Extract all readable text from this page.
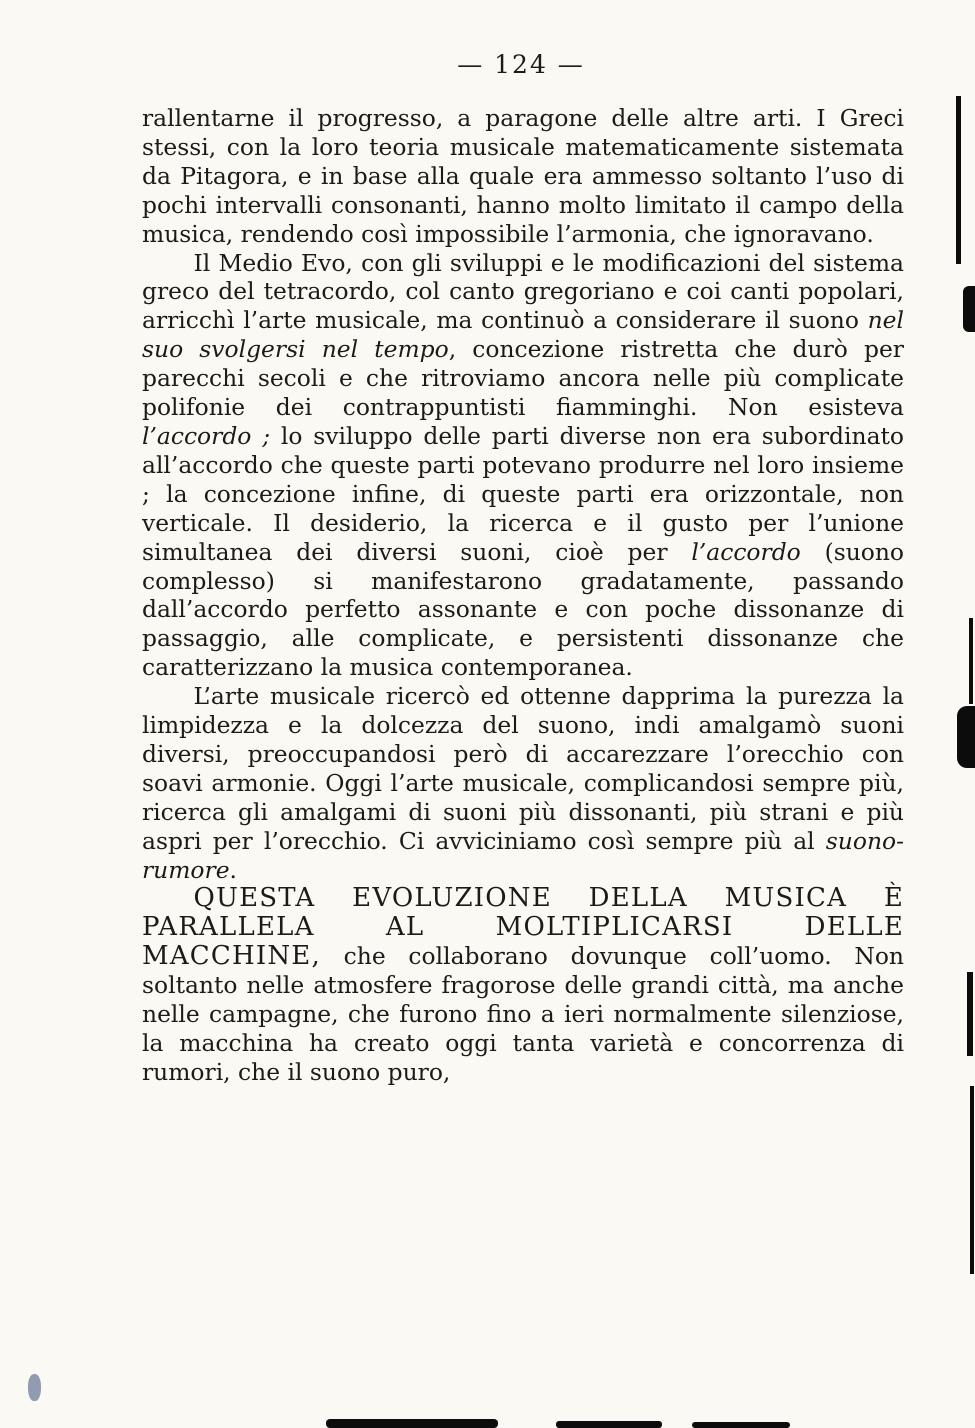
— 124 —

rallentarne il progresso, a paragone delle altre arti. I Greci stessi, con la loro teoria musicale matematicamente sistemata da Pitagora, e in base alla quale era ammesso soltanto l’uso di pochi intervalli consonanti, hanno molto limitato il campo della musica, rendendo così impossibile l’armonia, che ignoravano.

Il Medio Evo, con gli sviluppi e le modificazioni del sistema greco del tetracordo, col canto gregoriano e coi canti popolari, arricchì l’arte musicale, ma continuò a considerare il suono nel suo svolgersi nel tempo, concezione ristretta che durò per parecchi secoli e che ritroviamo ancora nelle più complicate polifonie dei contrappuntisti fiamminghi. Non esisteva l’accordo ; lo sviluppo delle parti diverse non era subordinato all’accordo che queste parti potevano produrre nel loro insieme ; la concezione infine, di queste parti era orizzontale, non verticale. Il desiderio, la ricerca e il gusto per l’unione simultanea dei diversi suoni, cioè per l’accordo (suono complesso) si manifestarono gradatamente, passando dall’accordo perfetto assonante e con poche dissonanze di passaggio, alle complicate, e persistenti dissonanze che caratterizzano la musica contemporanea.

L’arte musicale ricercò ed ottenne dapprima la purezza la limpidezza e la dolcezza del suono, indi amalgamò suoni diversi, preoccupandosi però di accarezzare l’orecchio con soavi armonie. Oggi l’arte musicale, complicandosi sempre più, ricerca gli amalgami di suoni più dissonanti, più strani e più aspri per l’orecchio. Ci avviciniamo così sempre più al suono-rumore.

QUESTA EVOLUZIONE DELLA MUSICA È PARALLELA AL MOLTIPLICARSI DELLE MACCHINE, che collaborano dovunque coll’uomo. Non soltanto nelle atmosfere fragorose delle grandi città, ma anche nelle campagne, che furono fino a ieri normalmente silenziose, la macchina ha creato oggi tanta varietà e concorrenza di rumori, che il suono puro,
